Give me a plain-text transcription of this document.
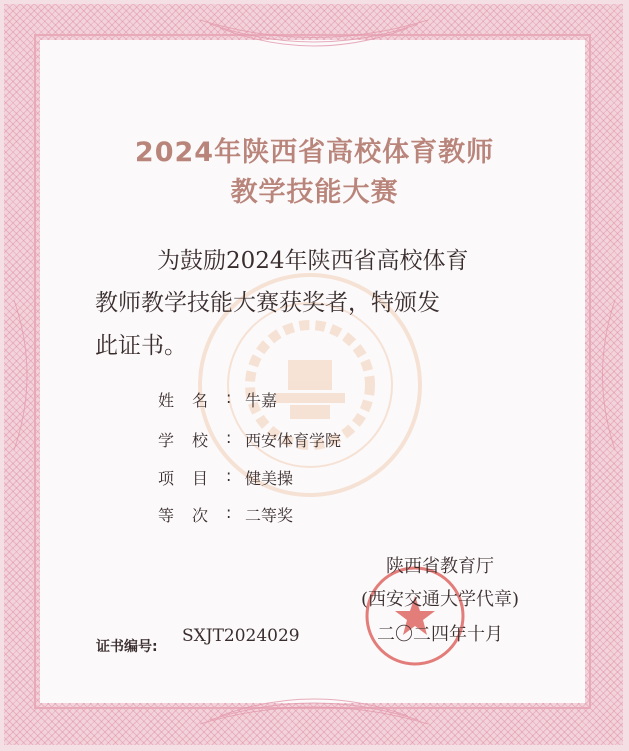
2024年陕西省高校体育教师
教学技能大赛
为鼓励2024年陕西省高校体育
教师教学技能大赛获奖者，特颁发
此证书。
姓名 : 牛嘉
学校 : 西安体育学院
项目 : 健美操
等次 : 二等奖
陕西省教育厅
(西安交通大学代章)
二〇二四年十月
证书编号:
SXJT2024029
